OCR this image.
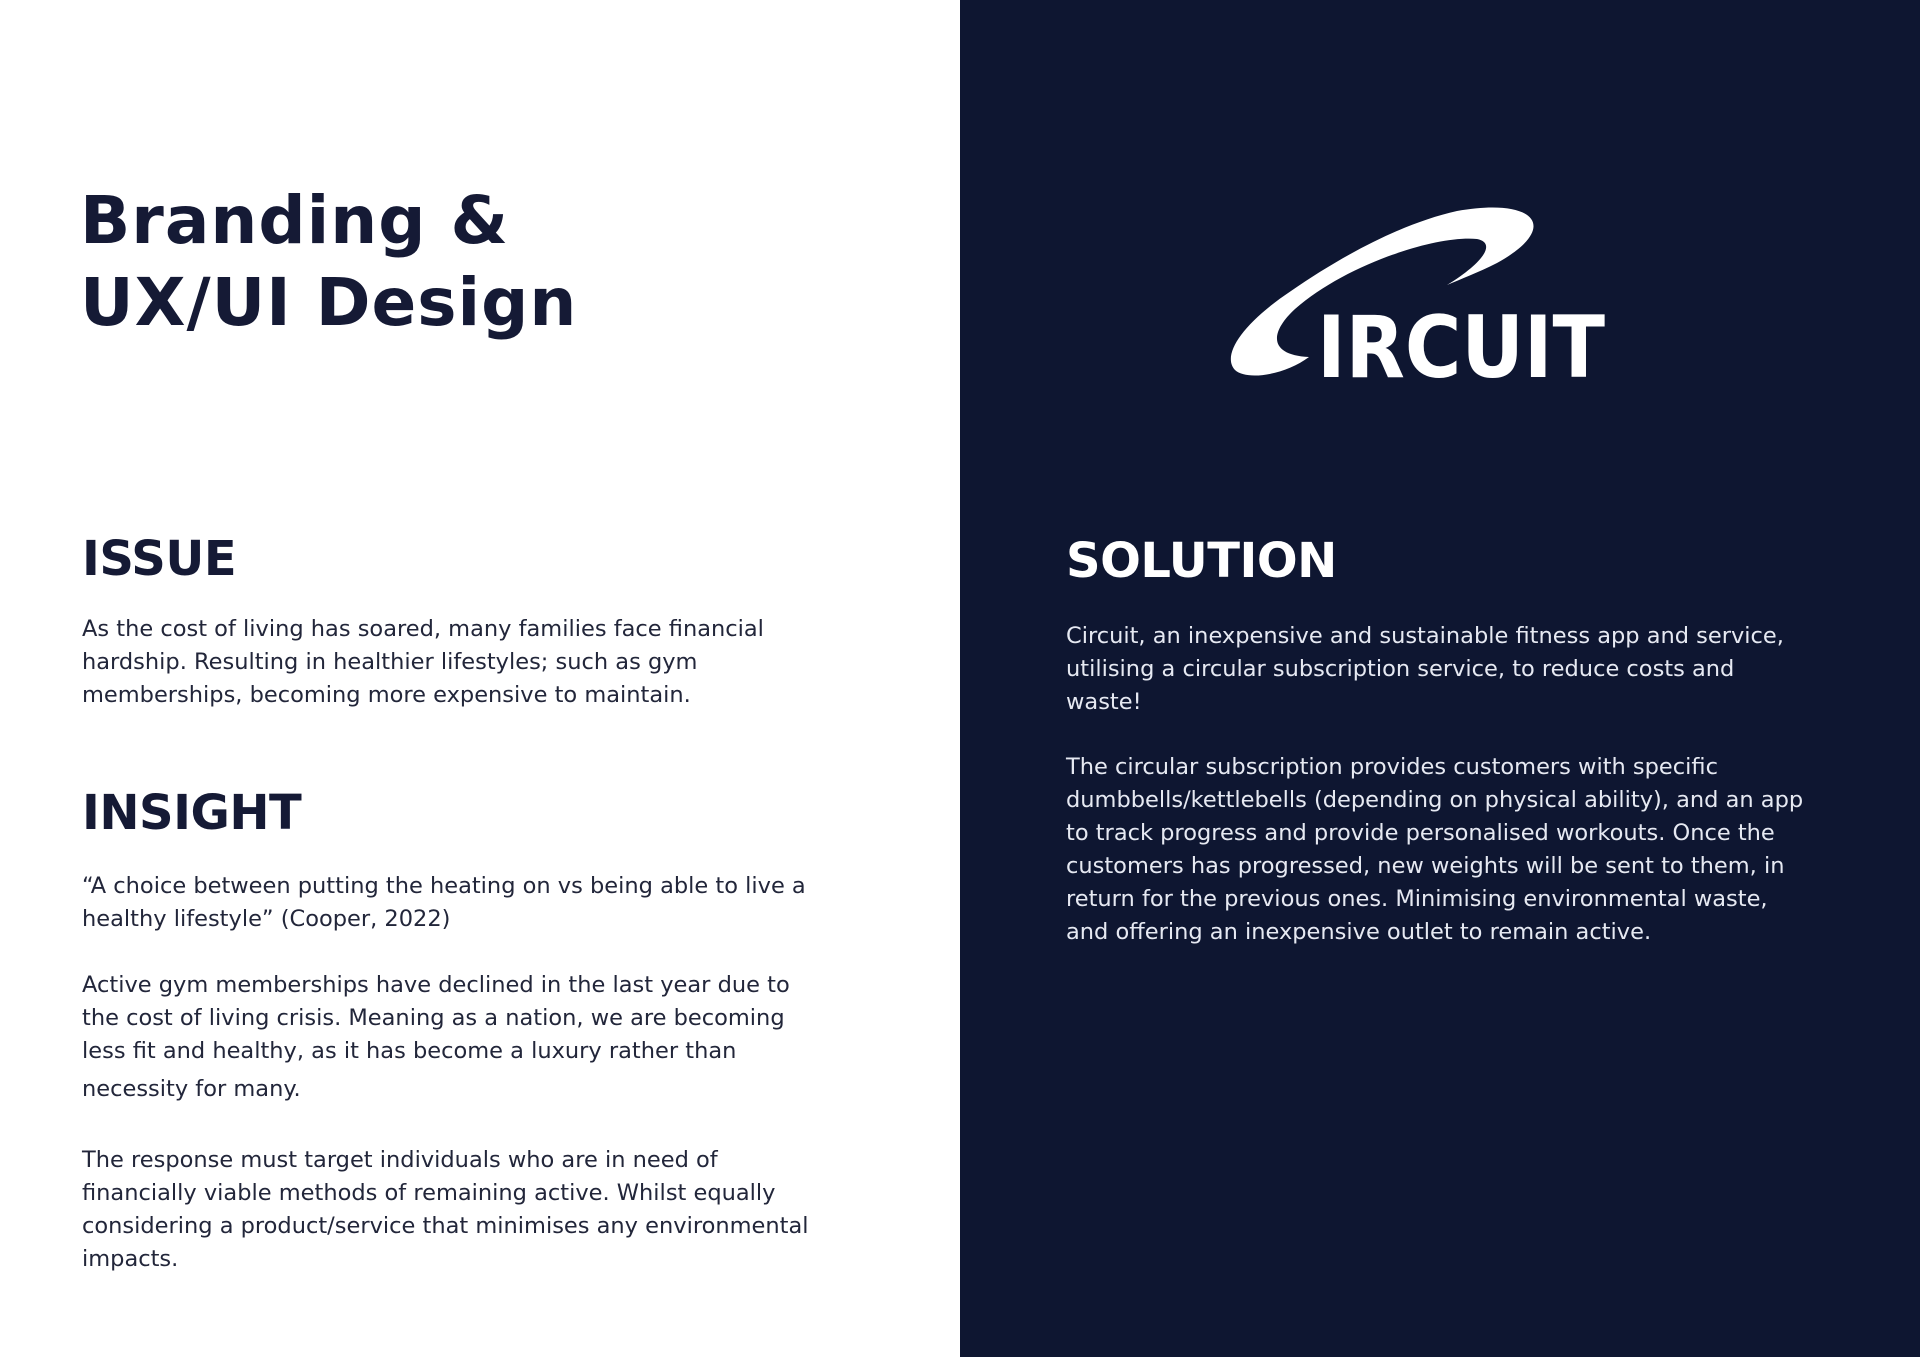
Branding &
UX/UI Design
ISSUE
As the cost of living has soared, many families face financial
hardship. Resulting in healthier lifestyles; such as gym
memberships, becoming more expensive to maintain.
INSIGHT
“A choice between putting the heating on vs being able to live a
healthy lifestyle” (Cooper, 2022)
Active gym memberships have declined in the last year due to
the cost of living crisis. Meaning as a nation, we are becoming
less fit and healthy, as it has become a luxury rather than
necessity for many.
The response must target individuals who are in need of
financially viable methods of remaining active. Whilst equally
considering a product/service that minimises any environmental
impacts.
IRCUIT
SOLUTION
Circuit, an inexpensive and sustainable fitness app and service,
utilising a circular subscription service, to reduce costs and
waste!
The circular subscription provides customers with specific
dumbbells/kettlebells (depending on physical ability), and an app
to track progress and provide personalised workouts. Once the
customers has progressed, new weights will be sent to them, in
return for the previous ones. Minimising environmental waste,
and offering an inexpensive outlet to remain active.
